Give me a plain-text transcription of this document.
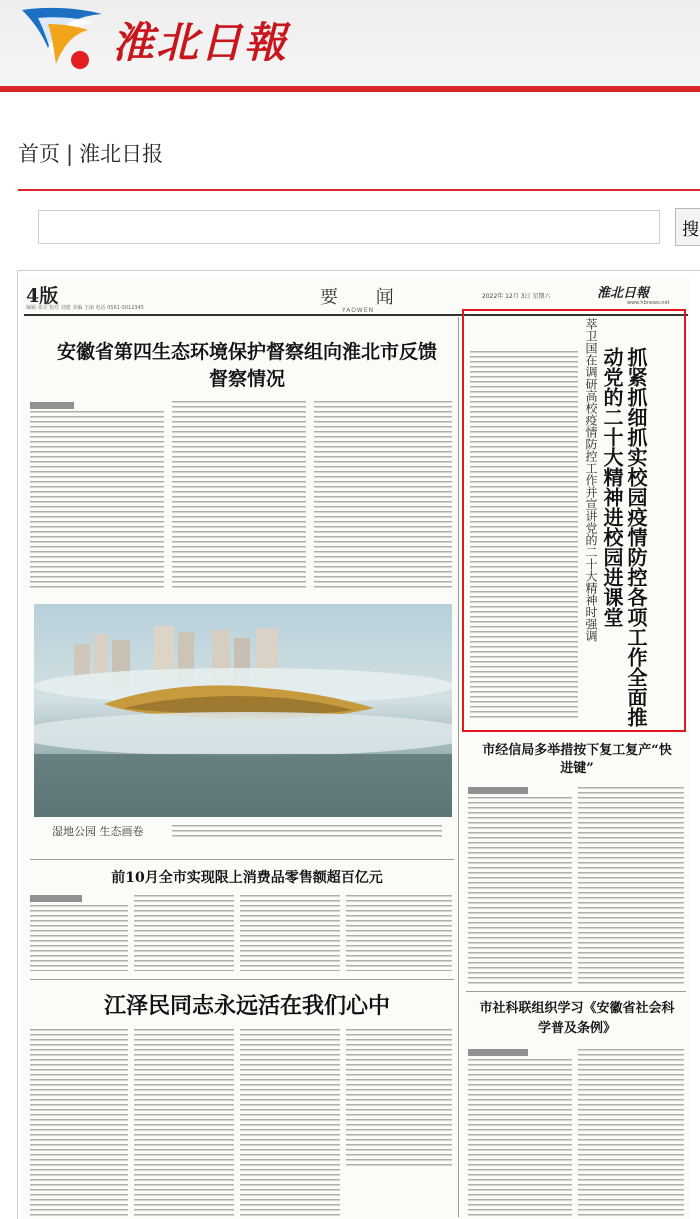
淮北日報
首页 | 淮北日报
搜
4版
编辑 张亮 校对 刘建 美编 王丽 电话 0561-3012345	要 闻
YAOWEN
2022年 12月 3日 星期六	淮北日報
www.hbnews.net
安徽省第四生态环境保护督察组向淮北市反馈督察情况
湿地公园 生态画卷
前10月全市实现限上消费品零售额超百亿元
江泽民同志永远活在我们心中
萃卫国在调研高校疫情防控工作并宣讲党的二十大精神时强调	抓紧抓细抓实校园疫情防控各项工作全面推动党的二十大精神进校园进课堂
市经信局多举措按下复工复产“快进键”
市社科联组织学习《安徽省社会科学普及条例》
